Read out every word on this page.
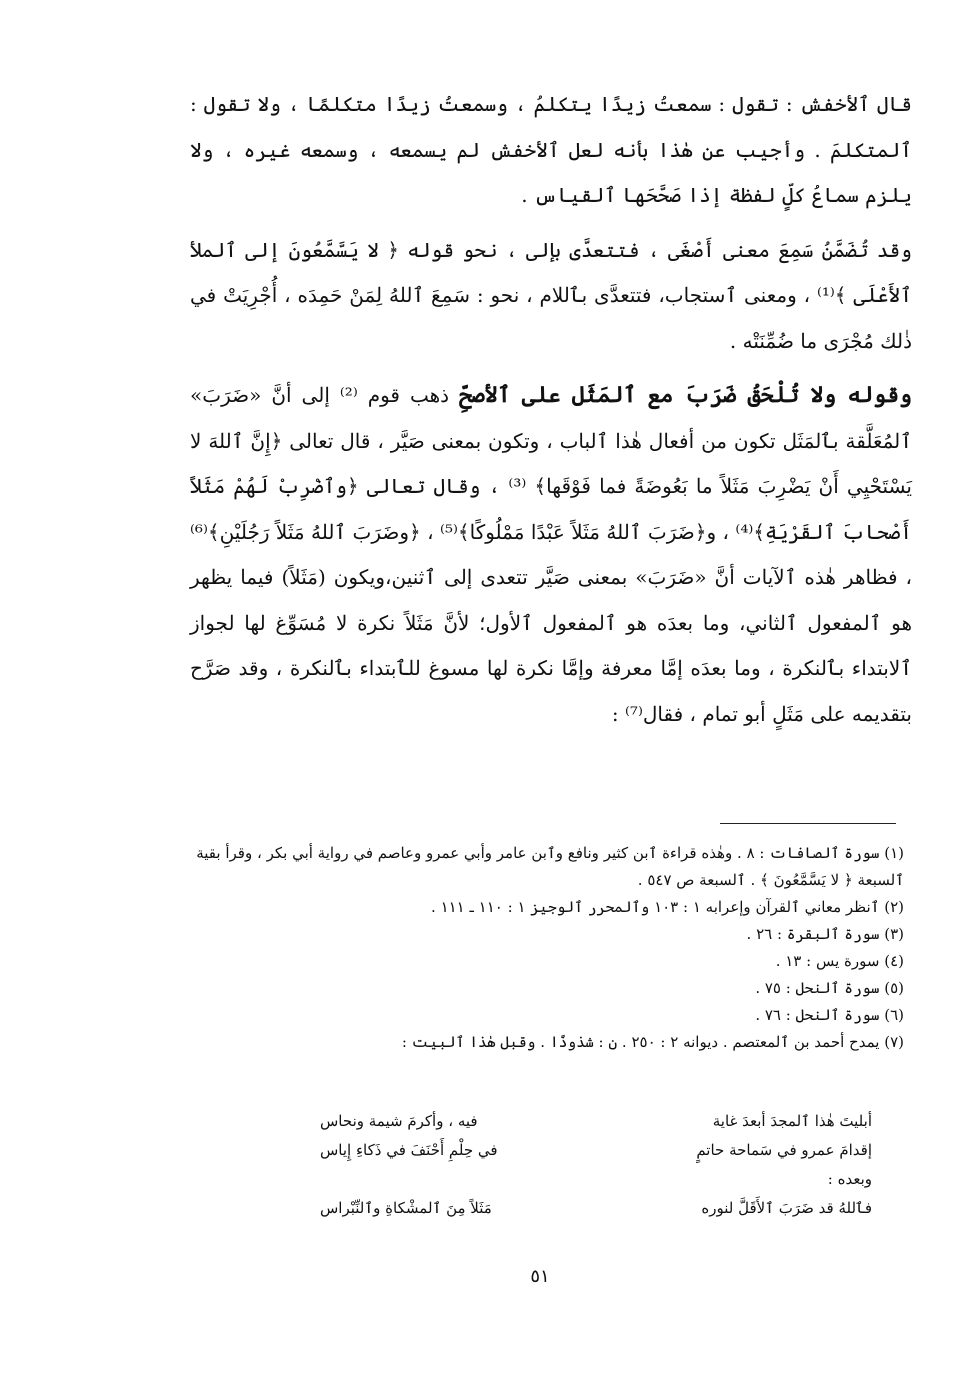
قال ٱلأخفش : تقول : سمعتُ زيدًا يتكلمُ ، وسمعتُ زيدًا متكلمًا ، ولا تقول : ٱلمتكلمَ . وأجيب عن هٰذا بأنه لعل ٱلأخفش لم يسمعه ، وسمعه غيره ، ولا يلزم سماعُ كلٍّ لفظة إذا صَحَّحَها ٱلقياس .

وقد تُضَمَّنُ سَمِعَ معنى أَصْغَى ، فتتعدَّى بإلى ، نحو قوله ﴿ لا يَسَّمَّعُونَ إلى ٱلملأ ٱلأَعْلَى ﴾⁽¹⁾ ، ومعنى ٱستجاب، فتتعدَّى بٱللام ، نحو : سَمِعَ ٱللهُ لِمَنْ حَمِدَه ، أُجْرِيَتْ في ذٰلك مُجْرَى ما ضُمِّنَتْه .

وقوله ولا تُلْحَقُ ضَرَبَ مع ٱلمَثَل على ٱلأصحِّ ذهب قوم ⁽²⁾ إلى أنَّ «ضَرَبَ» ٱلمُعَلَّقة بٱلمَثَل تكون من أفعال هٰذا ٱلباب ، وتكون بمعنى صَيَّر ، قال تعالى ﴿إِنَّ ٱللهَ لا يَسْتَحْيِي أَنْ يَضْرِبَ مَثَلاً ما بَعُوضَةً فما فَوْقَها﴾ ⁽³⁾ ، وقال تعالى ﴿وٱضْرِبْ لَهُمْ مَثَلاً أَصْحابَ ٱلقَرْيَةِ﴾⁽⁴⁾ ، و﴿ضَرَبَ ٱللهُ مَثَلاً عَبْدًا مَمْلُوكًا﴾⁽⁵⁾ ، ﴿وضَرَبَ ٱللهُ مَثَلاً رَجُلَيْنِ﴾⁽⁶⁾ ، فظاهر هٰذه ٱلآيات أنَّ «ضَرَبَ» بمعنى صَيَّر تتعدى إلى ٱثنين،ويكون (مَثَلاً) فيما يظهر هو ٱلمفعول ٱلثاني، وما بعدَه هو ٱلمفعول ٱلأول؛ لأنَّ مَثَلاً نكرة لا مُسَوِّغ لها لجواز ٱلابتداء بٱلنكرة ، وما بعدَه إمَّا معرفة وإمَّا نكرة لها مسوغ للٱبتداء بٱلنكرة ، وقد صَرَّح بتقديمه على مَثَلٍ أبو تمام ، فقال⁽⁷⁾ :

(١) سورة ٱلصافات : ٨ . وهٰذه قراءة ٱبن كثير ونافع وٱبن عامر وأبي عمرو وعاصم في رواية أبي بكر ، وقرأ بقية ٱلسبعة ﴿ لا يَسَّمَّعُونَ ﴾ . ٱلسبعة ص ٥٤٧ .

(٢) ٱنظر معاني ٱلقرآن وإعرابه ١ : ١٠٣ وٱلمحرر ٱلوجيز ١ : ١١٠ ـ ١١١ .

(٣) سورة ٱلبقرة : ٢٦ .

(٤) سورة يس : ١٣ .

(٥) سورة ٱلنحل : ٧٥ .

(٦) سورة ٱلنحل : ٧٦ .

(٧) يمدح أحمد بن ٱلمعتصم . ديوانه ٢ : ٢٥٠ . ن : شذوذًا . وقبل هٰذا ٱلبيت :

أبليتَ هٰذا ٱلمجدَ أبعدَ غاية
فيه ، وأكرمَ شيمة ونحاس
إقدامَ عمرو في سَماحة حاتمٍ
في حِلْمِ أَحْنَفَ في ذَكاءِ إِياس
وبعده :
فٱللهُ قد ضَرَبَ ٱلأَقَلَّ لنوره
مَثَلاً مِنَ ٱلمشْكاةِ وٱلنِّبْراس
٥١
